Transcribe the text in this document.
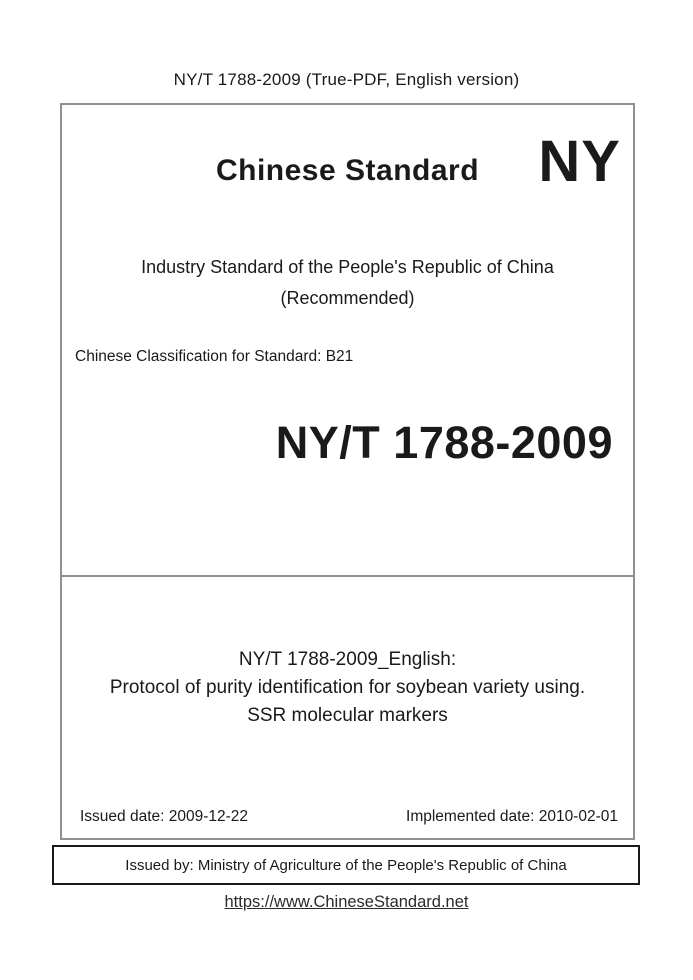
NY/T 1788-2009 (True-PDF, English version)
Chinese Standard NY
Industry Standard of the People's Republic of China
(Recommended)
Chinese Classification for Standard: B21
NY/T 1788-2009
NY/T 1788-2009_English:
Protocol of purity identification for soybean variety using.
SSR molecular markers
Issued date: 2009-12-22	Implemented date: 2010-02-01
Issued by: Ministry of Agriculture of the People's Republic of China
https://www.ChineseStandard.net
